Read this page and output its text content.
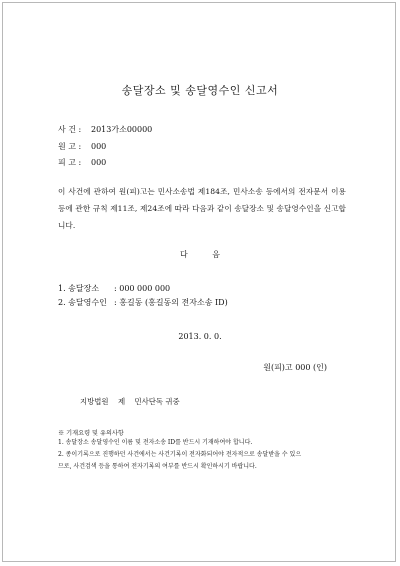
송달장소 및 송달영수인 신고서
사 건 : 2013가소00000
원 고 : 000
피 고 : 000
이 사건에 관하여 원(피)고는 민사소송법 제184조, 민사소송 등에서의 전자문서 이용 등에 관한 규칙 제11조, 제24조에 따라 다음과 같이 송달장소 및 송달영수인을 신고합니다.
다 음
1. 송달장소 : 000 000 000
2. 송달영수인 : 홍길동 (홍길동의 전자소송 ID)
2013. 0. 0.
원(피)고 000 (인)
지방법원    제    민사단독 귀중
※ 기재요령 및 유의사항
1. 송달장소 송달영수인 이름 및 전자소송 ID를 반드시 기재하여야 합니다.
2. 종이기록으로 진행하던 사건에서는 사건기록이 전자화되어야 전자적으로 송달받을 수 있으
므로, 사건검색 등을 통하여 전자기록의 여부를 반드시 확인하시기 바랍니다.
